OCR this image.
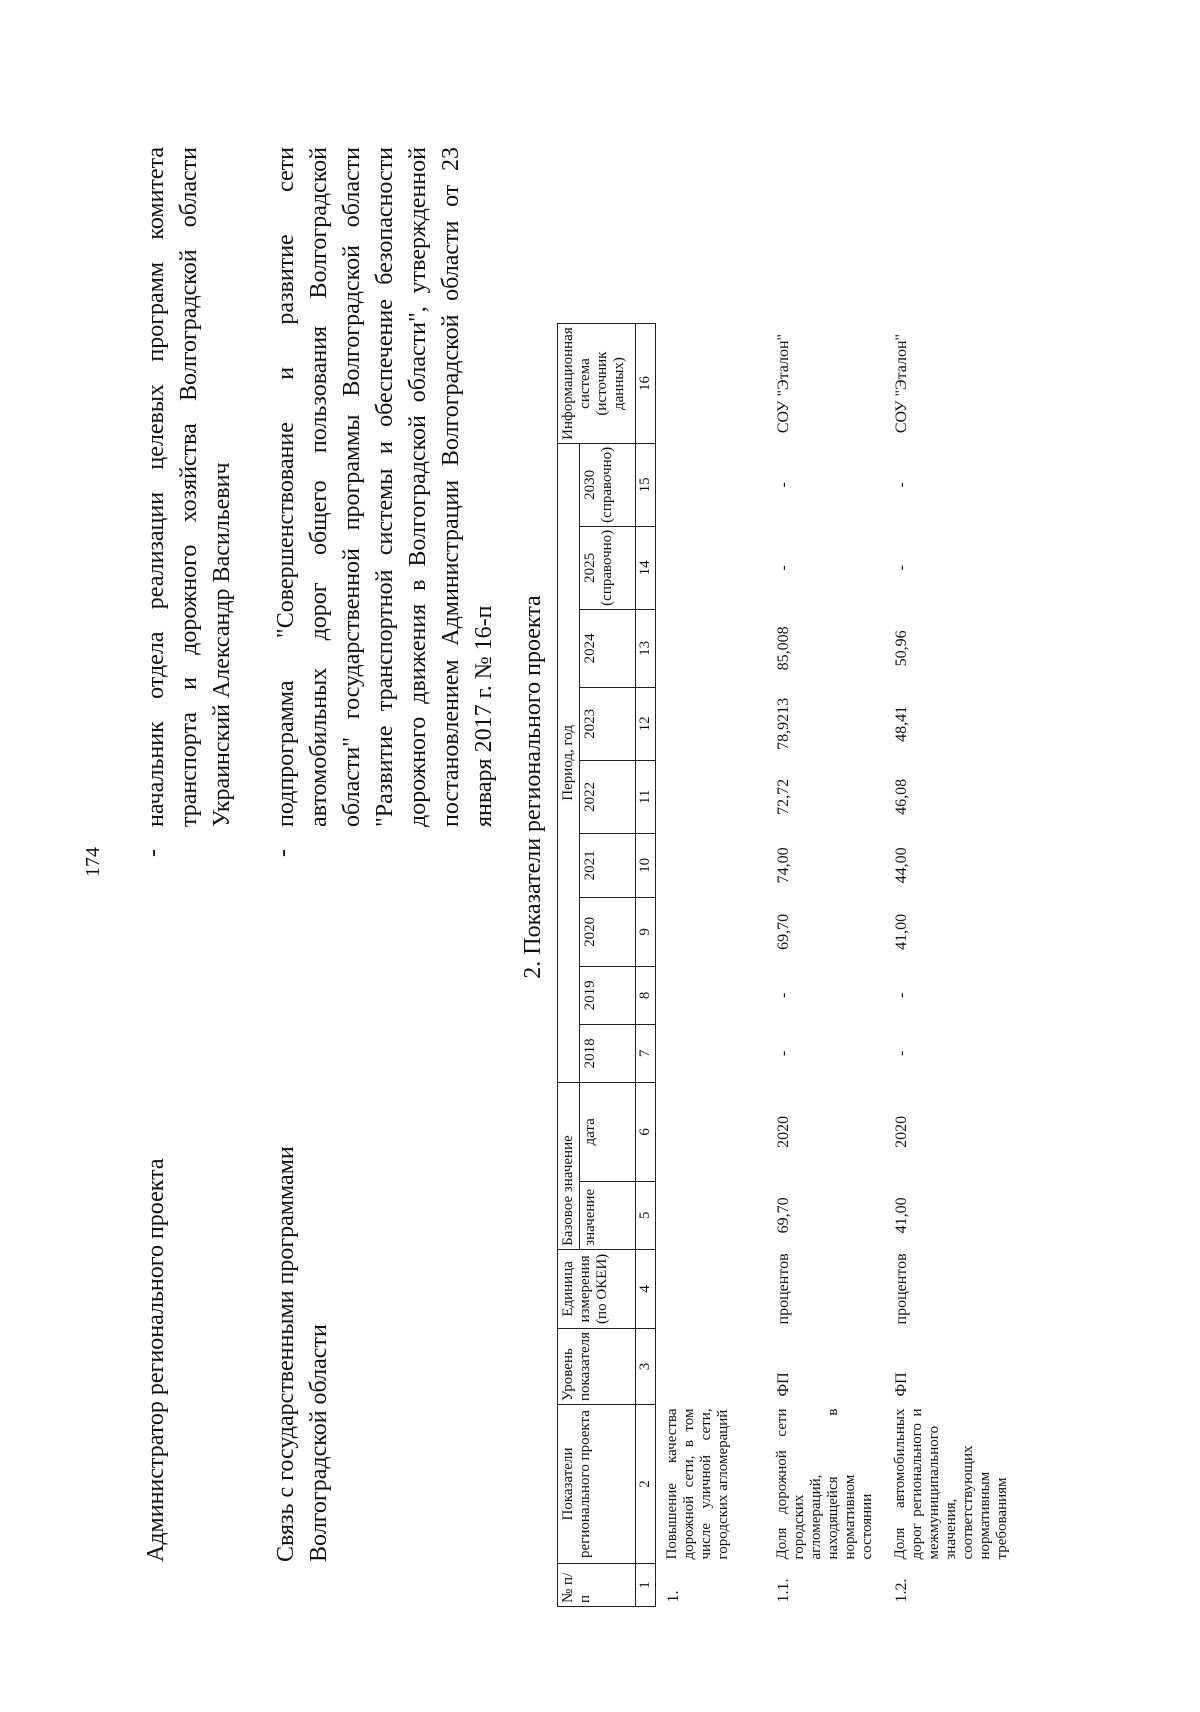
174
Администратор регионального проекта
-
начальник отдела реализации целевых программ комитета транспорта и дорожного хозяйства Волгоградской области Украинский Александр Васильевич
Связь с государственными программами Волгоградской области
-
подпрограмма "Совершенствование и развитие сети автомобильных дорог общего пользования Волгоградской области" государственной программы Волгоградской области "Развитие транспортной системы и обеспечение безопасности дорожного движения в Волгоградской области", утвержденной постановлением Администрации Волгоградской области от 23 января 2017 г. № 16-п 2. Показатели регионального проекта
№ п/п	Показатели регионального проекта	Уровень показателя	Единица измерения (по ОКЕИ)	Базовое значение		Период, год									Информационная система (источник данных)
				значение	дата	2018	2019	2020	2021	2022	2023	2024	2025 (справочно)	2030 (справочно)	
1	2	3	4	5	6	7	8	9	10	11	12	13	14	15	16
1.	Повышение качества дорожной сети, в том числе уличной сети, городских агломераций														
1.1.	Доля дорожной сети городских агломераций, находящейся в нормативном состоянии	ФП	процентов	69,70	2020	-	-	69,70	74,00	72,72	78,9213	85,008	-	-	СОУ "Эталон"
1.2.	Доля автомобильных дорог регионального и межмуниципального значения, соответствующих нормативным требованиям	ФП	процентов	41,00	2020	-	-	41,00	44,00	46,08	48,41	50,96	-	-	СОУ "Эталон"
